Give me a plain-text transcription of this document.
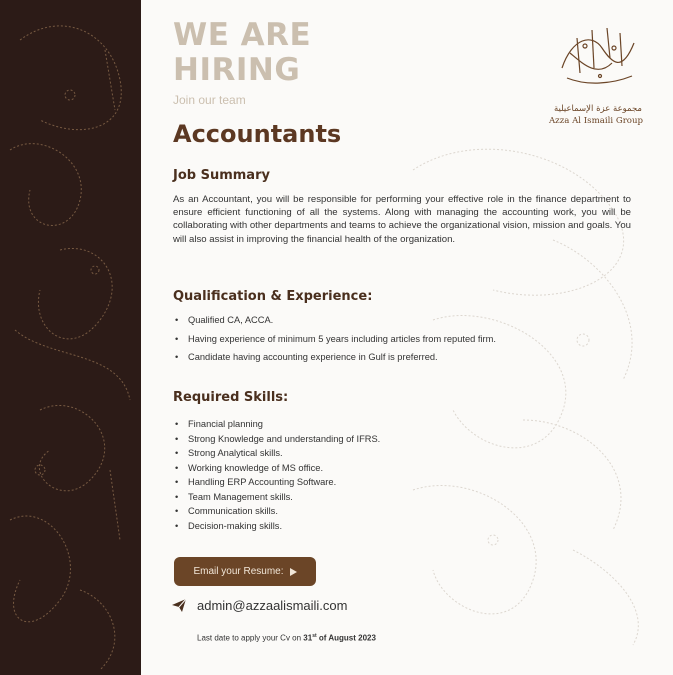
WE ARE
HIRING
Join our team
Accountants
Job Summary
As an Accountant, you will be responsible for performing your effective role in the finance department to ensure efficient functioning of all the systems. Along with managing the accounting work, you will be collaborating with other departments and teams to achieve the organizational vision, mission and goals. You will also assist in improving the financial health of the organization.
Qualification & Experience:
• Qualified CA, ACCA.
• Having experience of minimum 5 years including articles from reputed firm.
• Candidate having accounting experience in Gulf is preferred.
Required Skills:
• Financial planning
• Strong Knowledge and understanding of IFRS.
• Strong Analytical skills.
• Working knowledge of MS office.
• Handling ERP Accounting Software.
• Team Management skills.
• Communication skills.
• Decision-making skills.
Email your Resume:
admin@azzaalismaili.com
Last date to apply your Cv on 31st of August 2023
مجموعة عزة الإسماعيلية
Azza Al Ismaili Group
